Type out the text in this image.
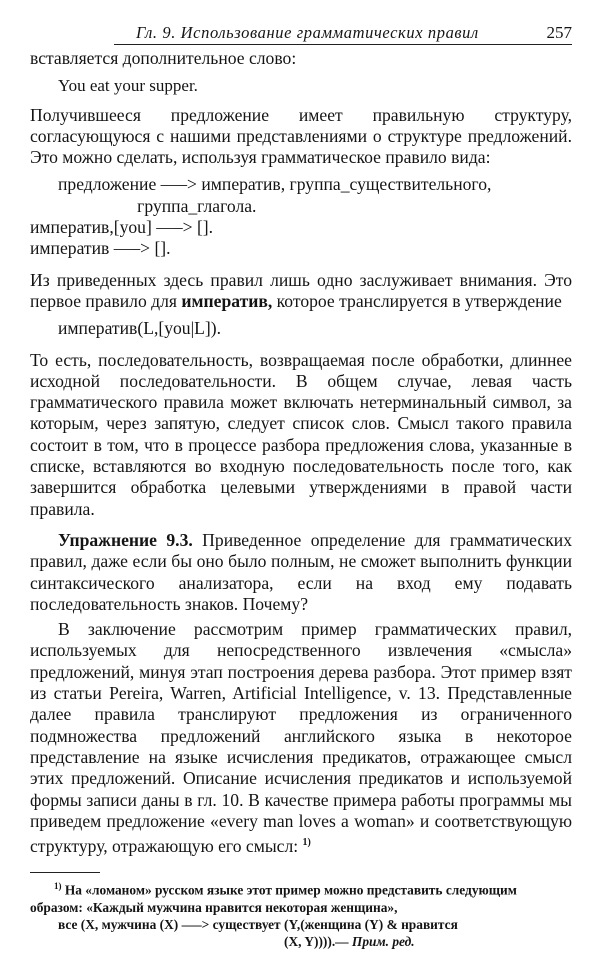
Гл. 9. Использование грамматических правил	257

вставляется дополнительное слово:

You eat your supper.

Получившееся предложение имеет правильную структуру, согласующуюся с нашими представлениями о структуре предложений. Это можно сделать, используя грамматическое правило вида:

предложение —–> императив, группа_существительного,

группа_глагола.

императив,[you] —–> [].

императив —–> [].

Из приведенных здесь правил лишь одно заслуживает внимания. Это первое правило для императив, которое транслируется в утверждение

императив(L,[you|L]).

То есть, последовательность, возвращаемая после обработки, длиннее исходной последовательности. В общем случае, левая часть грамматического правила может включать нетерминальный символ, за которым, через запятую, следует список слов. Смысл такого правила состоит в том, что в процессе разбора предложения слова, указанные в списке, вставляются во входную последовательность после того, как завершится обработка целевыми утверждениями в правой части правила.

Упражнение 9.3. Приведенное определение для грамматических правил, даже если бы оно было полным, не сможет выполнить функции синтаксического анализатора, если на вход ему подавать последовательность знаков. Почему?

В заключение рассмотрим пример грамматических правил, используемых для непосредственного извлечения «смысла» предложений, минуя этап построения дерева разбора. Этот пример взят из статьи Pereira, Warren, Artificial Intelligence, v. 13. Представленные далее правила транслируют предложения из ограниченного подмножества предложений английского языка в некоторое представление на языке исчисления предикатов, отражающее смысл этих предложений. Описание исчисления предикатов и используемой формы записи даны в гл. 10. В качестве примера работы программы мы приведем предложение «every man loves a woman» и соответствующую структуру, отражающую его смысл: $^{1)}$

$^{1)}$ На «ломаном» русском языке этот пример можно представить следующим образом: «Каждый мужчина нравится некоторая женщина»,

все (X, мужчина (X) —–> существует (Y,(женщина (Y) & нравится

(X, Y)))).— Прим. ред.
